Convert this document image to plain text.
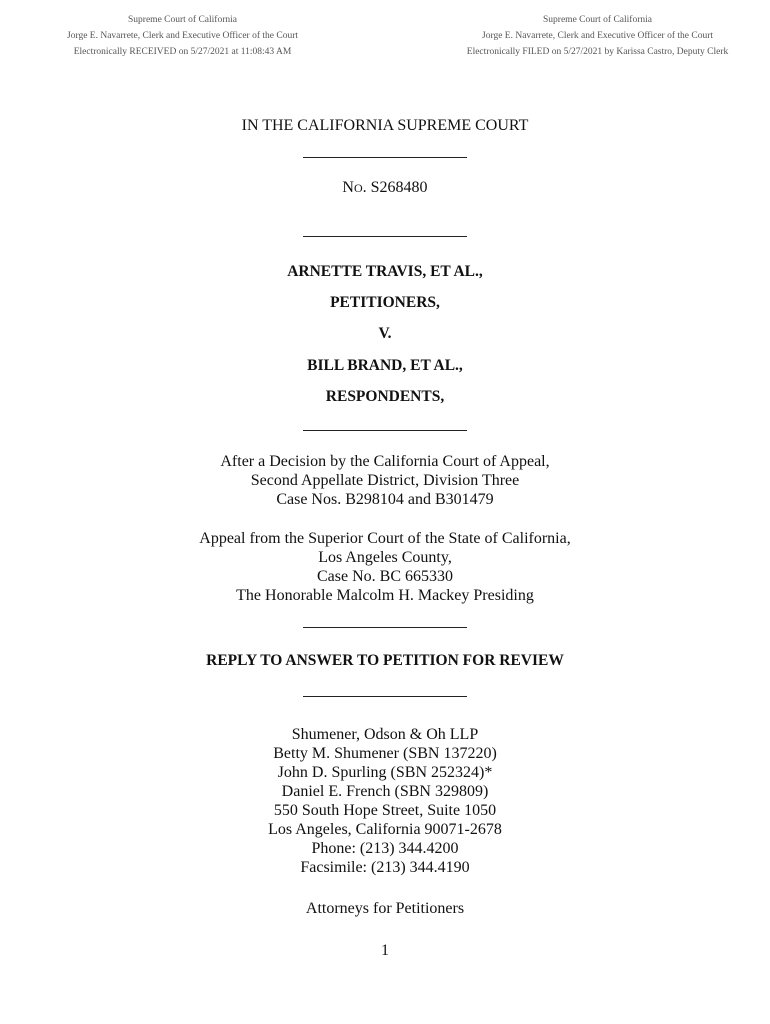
Supreme Court of California
Jorge E. Navarrete, Clerk and Executive Officer of the Court
Electronically RECEIVED on 5/27/2021 at 11:08:43 AM
Supreme Court of California
Jorge E. Navarrete, Clerk and Executive Officer of the Court
Electronically FILED on 5/27/2021 by Karissa Castro, Deputy Clerk
IN THE CALIFORNIA SUPREME COURT
NO. S268480
ARNETTE TRAVIS, ET AL.,
PETITIONERS,
V.
BILL BRAND, ET AL.,
RESPONDENTS,
After a Decision by the California Court of Appeal,
Second Appellate District, Division Three
Case Nos. B298104 and B301479
Appeal from the Superior Court of the State of California,
Los Angeles County,
Case No. BC 665330
The Honorable Malcolm H. Mackey Presiding
REPLY TO ANSWER TO PETITION FOR REVIEW
Shumener, Odson & Oh LLP
Betty M. Shumener (SBN 137220)
John D. Spurling (SBN 252324)*
Daniel E. French (SBN 329809)
550 South Hope Street, Suite 1050
Los Angeles, California 90071-2678
Phone: (213) 344.4200
Facsimile: (213) 344.4190
Attorneys for Petitioners
1
